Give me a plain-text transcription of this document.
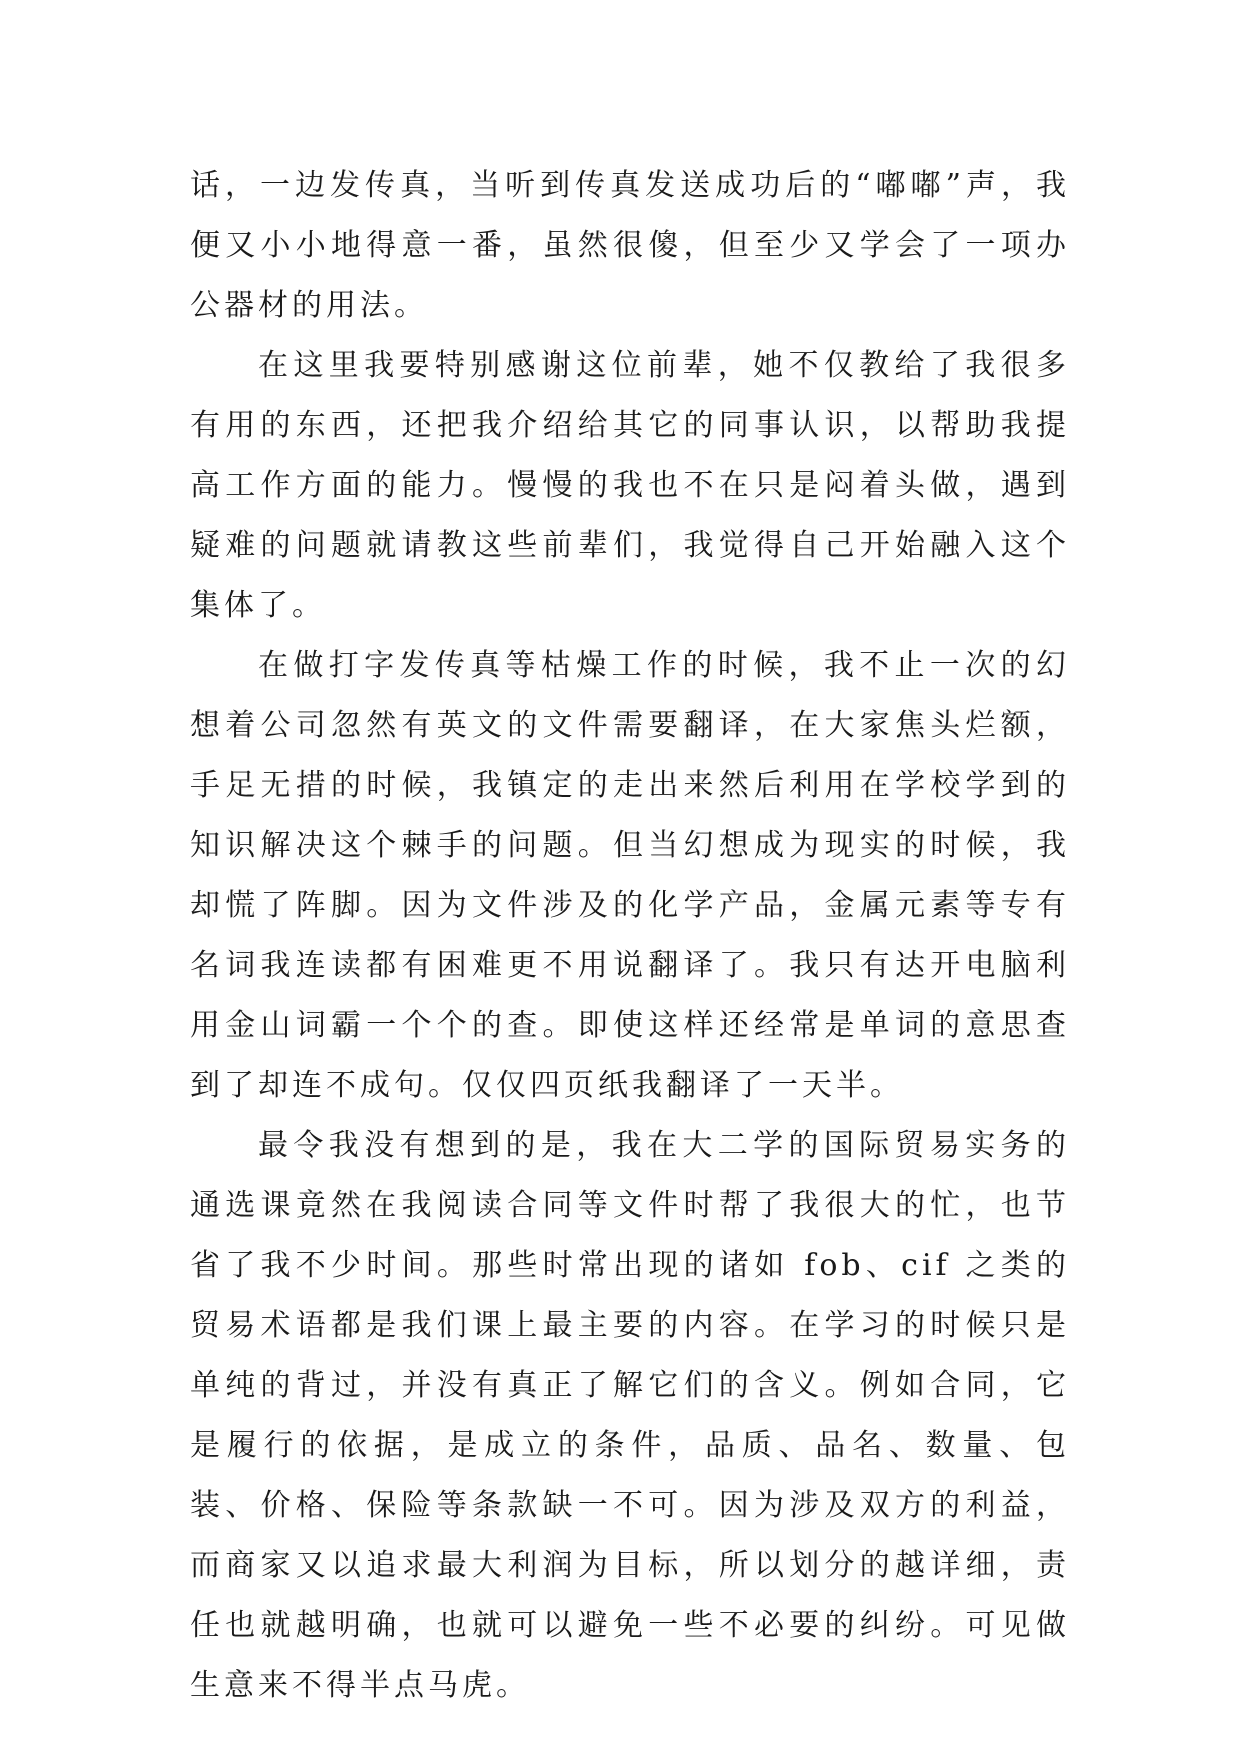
话，一边发传真，当听到传真发送成功后的“嘟嘟”声，我便又小小地得意一番，虽然很傻，但至少又学会了一项办公器材的用法。

在这里我要特别感谢这位前辈，她不仅教给了我很多有用的东西，还把我介绍给其它的同事认识，以帮助我提高工作方面的能力。慢慢的我也不在只是闷着头做，遇到疑难的问题就请教这些前辈们，我觉得自己开始融入这个集体了。

在做打字发传真等枯燥工作的时候，我不止一次的幻想着公司忽然有英文的文件需要翻译，在大家焦头烂额，手足无措的时候，我镇定的走出来然后利用在学校学到的知识解决这个棘手的问题。但当幻想成为现实的时候，我却慌了阵脚。因为文件涉及的化学产品，金属元素等专有名词我连读都有困难更不用说翻译了。我只有达开电脑利用金山词霸一个个的查。即使这样还经常是单词的意思查到了却连不成句。仅仅四页纸我翻译了一天半。

最令我没有想到的是，我在大二学的国际贸易实务的通选课竟然在我阅读合同等文件时帮了我很大的忙，也节省了我不少时间。那些时常出现的诸如 fob、cif 之类的贸易术语都是我们课上最主要的内容。在学习的时候只是单纯的背过，并没有真正了解它们的含义。例如合同，它是履行的依据，是成立的条件，品质、品名、数量、包装、价格、保险等条款缺一不可。因为涉及双方的利益，而商家又以追求最大利润为目标，所以划分的越详细，责任也就越明确，也就可以避免一些不必要的纠纷。可见做生意来不得半点马虎。
